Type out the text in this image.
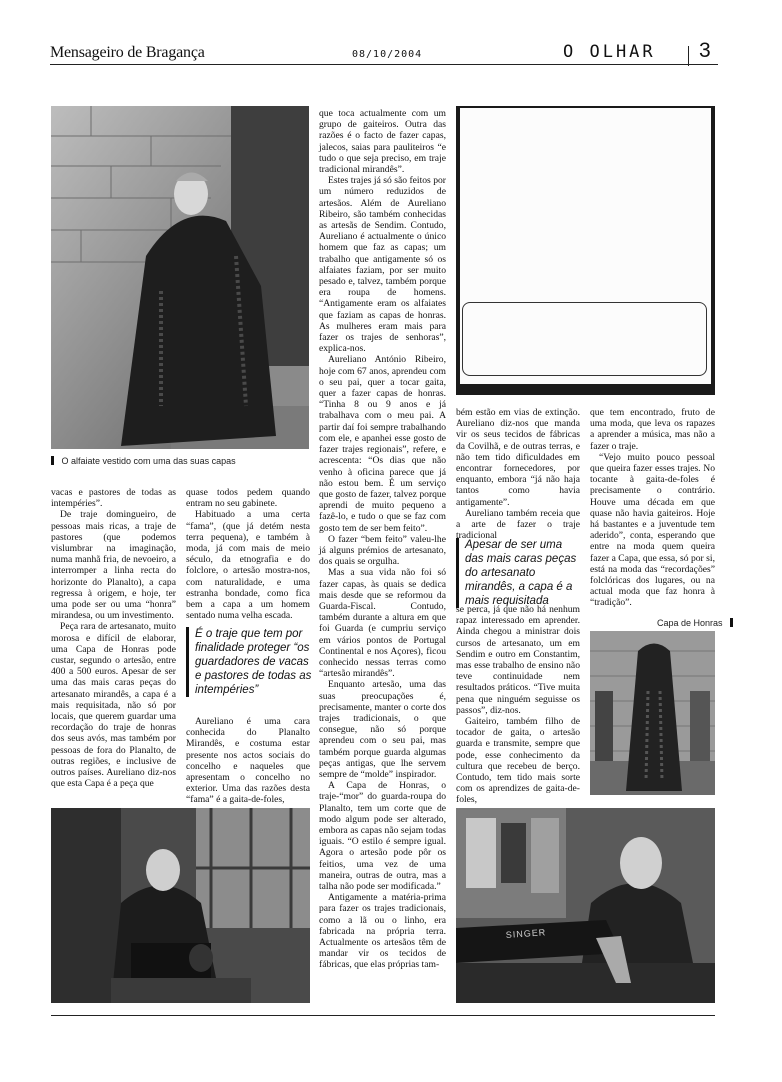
Mensageiro de Bragança	08/10/2004	O OLHAR 3
O alfaiate vestido com uma das suas capas

vacas e pastores de todas as intempéries”.

De traje domingueiro, de pessoas mais ricas, a traje de pastores (que podemos vislumbrar na imaginação, numa manhã fria, de nevoeiro, a interromper a linha recta do horizonte do Planalto), a capa regressa à origem, e hoje, ter uma pode ser ou uma “honra” mirandesa, ou um investimento.

Peça rara de artesanato, muito morosa e difícil de elaborar, uma Capa de Honras pode custar, segundo o artesão, entre 400 a 500 euros. Apesar de ser uma das mais caras peças do artesanato mirandês, a capa é a mais requisitada, não só por locais, que querem guardar uma recordação do traje de honras dos seus avós, mas também por pessoas de fora do Planalto, de outras regiões, e inclusive de outros países. Aureliano diz-nos que esta Capa é a peça que

quase todos pedem quando entram no seu gabinete.

Habituado a uma certa “fama”, (que já detém nesta terra pequena), e também à moda, já com mais de meio século, da etnografia e do folclore, o artesão mostra-nos, com naturalidade, e uma estranha bondade, como fica bem a capa a um homem sentado numa velha escada.

É o traje que tem por finalidade proteger “os guardadores de vacas e pastores de todas as intempéries”

Aureliano é uma cara conhecida do Planalto Mirandês, e costuma estar presente nos actos sociais do concelho e naqueles que apresentam o concelho no exterior. Uma das razões desta “fama” é a gaita-de-foles,

que toca actualmente com um grupo de gaiteiros. Outra das razões é o facto de fazer capas, jalecos, saias para pauliteiros “e tudo o que seja preciso, em traje tradicional mirandês”.

Estes trajes já só são feitos por um número reduzidos de artesãos. Além de Aureliano Ribeiro, são também conhecidas as artesãs de Sendim. Contudo, Aureliano é actualmente o único homem que faz as capas; um trabalho que antigamente só os alfaiates faziam, por ser muito pesado e, talvez, também porque era roupa de homens. “Antigamente eram os alfaiates que faziam as capas de honras. As mulheres eram mais para fazer os trajes de senhoras”, explica-nos.

Aureliano António Ribeiro, hoje com 67 anos, aprendeu com o seu pai, quer a tocar gaita, quer a fazer capas de honras. “Tinha 8 ou 9 anos e já trabalhava com o meu pai. A partir daí foi sempre trabalhando com ele, e apanhei esse gosto de fazer trajes regionais”, refere, e acrescenta: “Os dias que não venho à oficina parece que já não estou bem. É um serviço que gosto de fazer, talvez porque aprendi de muito pequeno a fazê-lo, e tudo o que se faz com gosto tem de ser bem feito”.

O fazer “bem feito” valeu-lhe já alguns prémios de artesanato, dos quais se orgulha.

Mas a sua vida não foi só fazer capas, às quais se dedica mais desde que se reformou da Guarda-Fiscal. Contudo, também durante a altura em que foi Guarda (e cumpriu serviço em vários pontos de Portugal Continental e nos Açores), ficou conhecido nessas terras como “artesão mirandês”.

Enquanto artesão, uma das suas preocupações é, precisamente, manter o corte dos trajes tradicionais, o que consegue, não só porque aprendeu com o seu pai, mas também porque guarda algumas peças antigas, que lhe servem sempre de “molde” inspirador.

A Capa de Honras, o traje-“mor” do guarda-roupa do Planalto, tem um corte que de modo algum pode ser alterado, embora as capas não sejam todas iguais. “O estilo é sempre igual. Agora o artesão pode pôr os feitios, uma vez de uma maneira, outras de outra, mas a talha não pode ser modificada.”

Antigamente a matéria-prima para fazer os trajes tradicionais, como a lã ou o linho, era fabricada na própria terra. Actualmente os artesãos têm de mandar vir os tecidos de fábricas, que elas próprias tam-

bém estão em vias de extinção. Aureliano diz-nos que manda vir os seus tecidos de fábricas da Covilhã, e de outras terras, e não tem tido dificuldades em encontrar fornecedores, por enquanto, embora “já não haja tantos como havia antigamente”.

Aureliano também receia que a arte de fazer o traje tradicional

Apesar de ser uma das mais caras peças do artesanato mirandês, a capa é a mais requisitada

se perca, já que não há nenhum rapaz interessado em aprender. Ainda chegou a ministrar dois cursos de artesanato, um em Sendim e outro em Constantim, mas esse trabalho de ensino não teve continuidade nem resultados práticos. “Tive muita pena que ninguém seguisse os passos”, diz-nos.

Gaiteiro, também filho de tocador de gaita, o artesão guarda e transmite, sempre que pode, esse conhecimento da cultura que recebeu de berço. Contudo, tem tido mais sorte com os aprendizes de gaita-de-foles,

que tem encontrado, fruto de uma moda, que leva os rapazes a aprender a música, mas não a fazer o traje.

“Vejo muito pouco pessoal que queira fazer esses trajes. No tocante à gaita-de-foles é precisamente o contrário. Houve uma década em que quase não havia gaiteiros. Hoje há bastantes e a juventude tem aderido”, conta, esperando que entre na moda quem queira fazer a Capa, que essa, só por si, está na moda das “recordações” folclóricas dos lugares, ou na actual moda que faz honra à “tradição”.

Capa de Honras
SINGER
